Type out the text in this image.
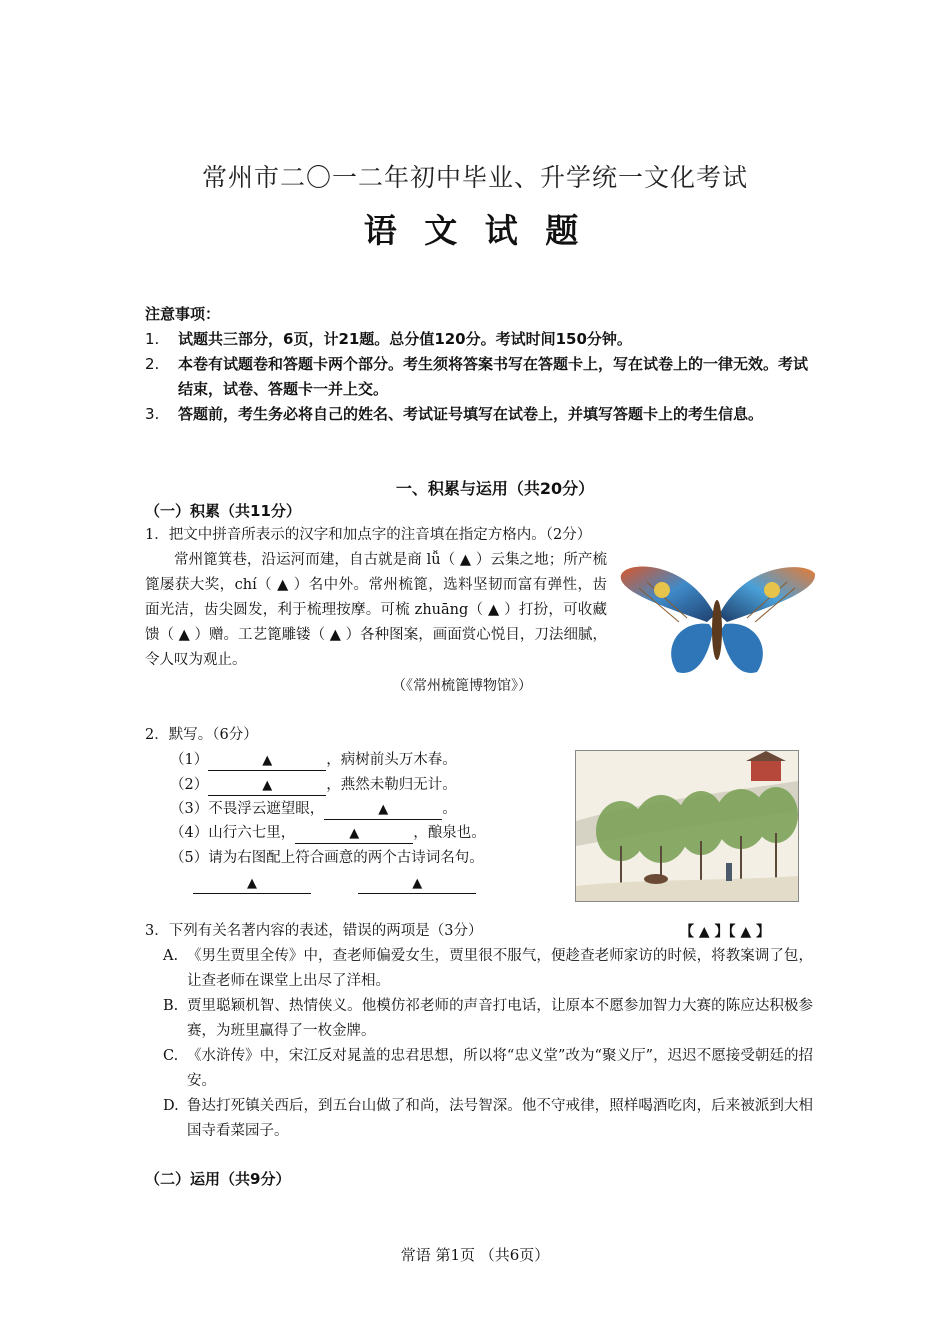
常州市二〇一二年初中毕业、升学统一文化考试
语 文 试 题
注意事项：
1.	试题共三部分，6页，计21题。总分值120分。考试时间150分钟。
2.	本卷有试题卷和答题卡两个部分。考生须将答案书写在答题卡上，写在试卷上的一律无效。考试结束，试卷、答题卡一并上交。
3.	答题前，考生务必将自己的姓名、考试证号填写在试卷上，并填写答题卡上的考生信息。
一、积累与运用（共20分）
（一）积累（共11分）
1．把文中拼音所表示的汉字和加点字的注音填在指定方格内。（2分）
常州篦箕巷，沿运河而建，自古就是商 lǚ（ ▲ ）云集之地；所产梳篦屡获大奖，chí（ ▲ ）名中外。常州梳篦，选料坚韧而富有弹性，齿面光洁，齿尖圆发，利于梳理按摩。可梳 zhuāng（ ▲ ）打扮，可收藏馈（ ▲ ）赠。工艺篦雕镂（ ▲ ）各种图案，画面赏心悦目，刀法细腻，令人叹为观止。
（《常州梳篦博物馆》）
2．默写。（6分）
（1）	▲	，病树前头万木春。
（2）	▲	，燕然未勒归无计。
（3）不畏浮云遮望眼，	▲	。
（4）山行六七里，	▲	，酿泉也。
（5）请为右图配上符合画意的两个古诗词名句。
▲	▲
3．下列有关名著内容的表述，错误的两项是（3分）	【 ▲ 】【 ▲ 】
A. 《男生贾里全传》中，查老师偏爱女生，贾里很不服气，便趁查老师家访的时候，将教案调了包，让查老师在课堂上出尽了洋相。
B. 贾里聪颖机智、热情侠义。他模仿祁老师的声音打电话，让原本不愿参加智力大赛的陈应达积极参赛，为班里赢得了一枚金牌。
C. 《水浒传》中，宋江反对晁盖的忠君思想，所以将“忠义堂”改为“聚义厅”，迟迟不愿接受朝廷的招安。
D. 鲁达打死镇关西后，到五台山做了和尚，法号智深。他不守戒律，照样喝酒吃肉，后来被派到大相国寺看菜园子。
（二）运用（共9分）
常语 第1页 （共6页）
